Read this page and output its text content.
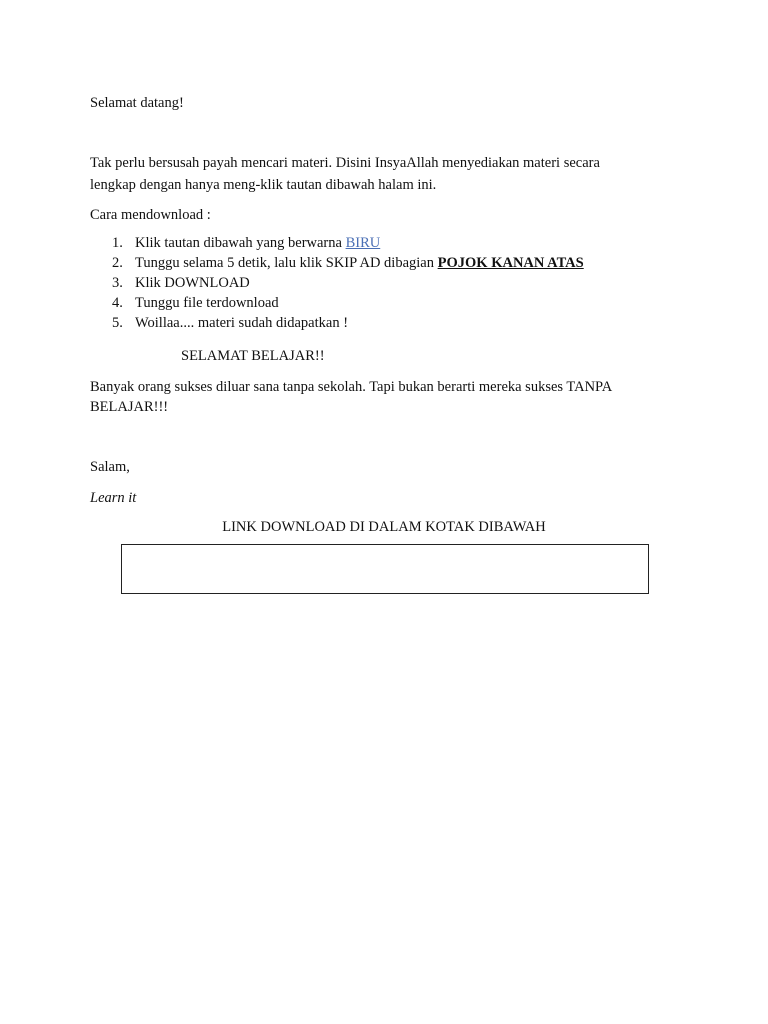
Selamat datang!
Tak perlu bersusah payah mencari materi. Disini InsyaAllah menyediakan materi secara
lengkap dengan hanya meng-klik tautan dibawah halam ini.
Cara mendownload :
1. Klik tautan dibawah yang berwarna BIRU
2. Tunggu selama 5 detik, lalu klik SKIP AD dibagian POJOK KANAN ATAS
3. Klik DOWNLOAD
4. Tunggu file terdownload
5. Woillaa.... materi sudah didapatkan !
SELAMAT BELAJAR!!
Banyak orang sukses diluar sana tanpa sekolah. Tapi bukan berarti mereka sukses TANPA
BELAJAR!!!
Salam,
Learn it
LINK DOWNLOAD DI DALAM KOTAK DIBAWAH
